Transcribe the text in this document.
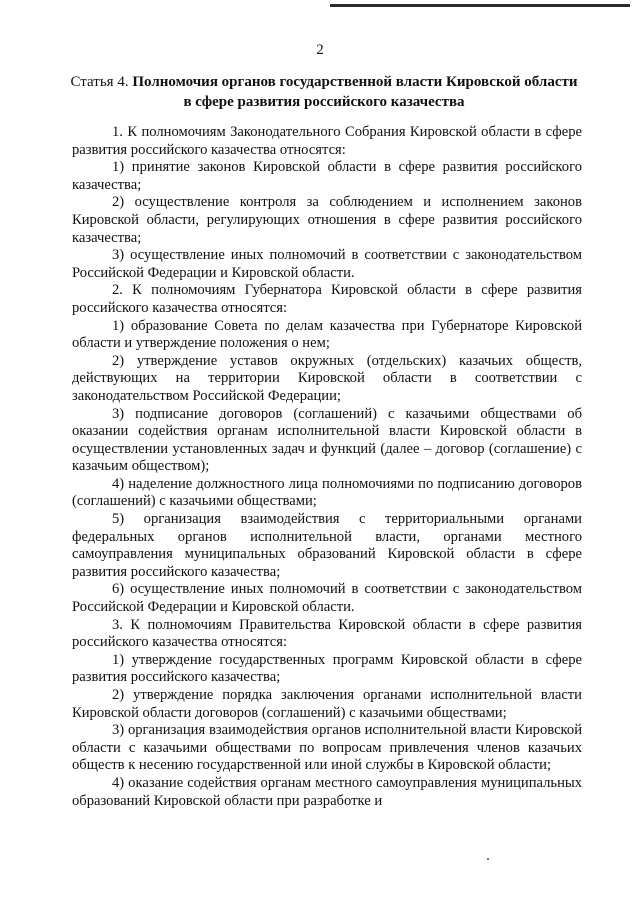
2
Статья 4. Полномочия органов государственной власти Кировской области в сфере развития российского казачества

1. К полномочиям Законодательного Собрания Кировской области в сфере развития российского казачества относятся:

1) принятие законов Кировской области в сфере развития российского казачества;

2) осуществление контроля за соблюдением и исполнением законов Кировской области, регулирующих отношения в сфере развития российского казачества;

3) осуществление иных полномочий в соответствии с законодательством Российской Федерации и Кировской области.

2. К полномочиям Губернатора Кировской области в сфере развития российского казачества относятся:

1) образование Совета по делам казачества при Губернаторе Кировской области и утверждение положения о нем;

2) утверждение уставов окружных (отдельских) казачьих обществ, действующих на территории Кировской области в соответствии с законодательством Российской Федерации;

3) подписание договоров (соглашений) с казачьими обществами об оказании содействия органам исполнительной власти Кировской области в осуществлении установленных задач и функций (далее – договор (соглашение) с казачьим обществом);

4) наделение должностного лица полномочиями по подписанию договоров (соглашений) с казачьими обществами;

5) организация взаимодействия с территориальными органами федеральных органов исполнительной власти, органами местного самоуправления муниципальных образований Кировской области в сфере развития российского казачества;

6) осуществление иных полномочий в соответствии с законодательством Российской Федерации и Кировской области.

3. К полномочиям Правительства Кировской области в сфере развития российского казачества относятся:

1) утверждение государственных программ Кировской области в сфере развития российского казачества;

2) утверждение порядка заключения органами исполнительной власти Кировской области договоров (соглашений) с казачьими обществами;

3) организация взаимодействия органов исполнительной власти Кировской области с казачьими обществами по вопросам привлечения членов казачьих обществ к несению государственной или иной службы в Кировской области;

4) оказание содействия органам местного самоуправления муниципальных образований Кировской области при разработке и
